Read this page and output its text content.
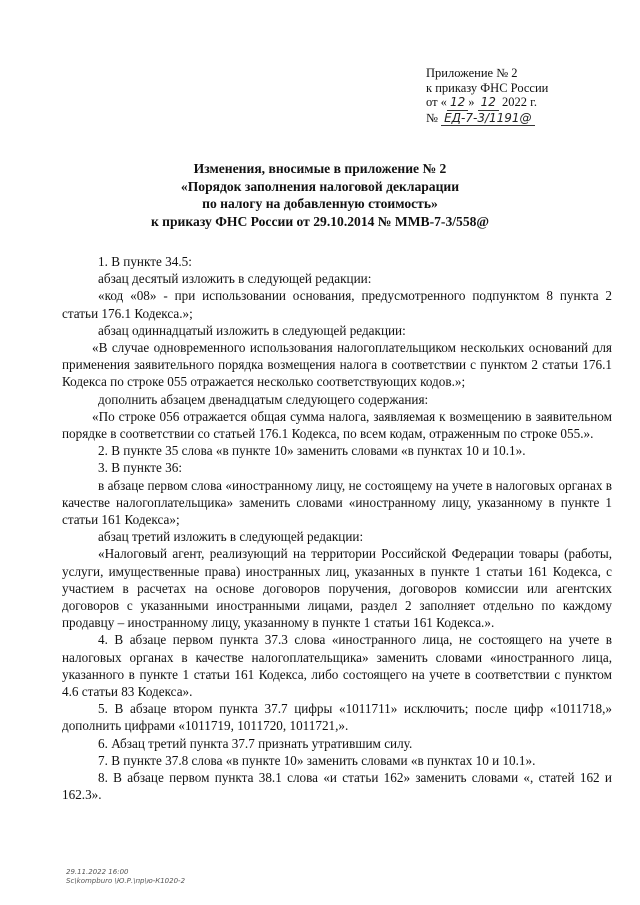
Приложение № 2
к приказу ФНС России
от « 12 » 12 2022 г.
№ ЕД-7-3/1191@
Изменения, вносимые в приложение № 2
«Порядок заполнения налоговой декларации
по налогу на добавленную стоимость»
к приказу ФНС России от 29.10.2014 № ММВ-7-3/558@

1. В пункте 34.5:

абзац десятый изложить в следующей редакции:

«код «08» - при использовании основания, предусмотренного подпунктом 8 пункта 2 статьи 176.1 Кодекса.»;

абзац одиннадцатый изложить в следующей редакции:

«В случае одновременного использования налогоплательщиком нескольких оснований для применения заявительного порядка возмещения налога в соответствии с пунктом 2 статьи 176.1 Кодекса по строке 055 отражается несколько соответствующих кодов.»;

дополнить абзацем двенадцатым следующего содержания:

«По строке 056 отражается общая сумма налога, заявляемая к возмещению в заявительном порядке в соответствии со статьей 176.1 Кодекса, по всем кодам, отраженным по строке 055.».

2. В пункте 35 слова «в пункте 10» заменить словами «в пунктах 10 и 10.1».

3. В пункте 36:

в абзаце первом слова «иностранному лицу, не состоящему на учете в налоговых органах в качестве налогоплательщика» заменить словами «иностранному лицу, указанному в пункте 1 статьи 161 Кодекса»;

абзац третий изложить в следующей редакции:

«Налоговый агент, реализующий на территории Российской Федерации товары (работы, услуги, имущественные права) иностранных лиц, указанных в пункте 1 статьи 161 Кодекса, с участием в расчетах на основе договоров поручения, договоров комиссии или агентских договоров с указанными иностранными лицами, раздел 2 заполняет отдельно по каждому продавцу – иностранному лицу, указанному в пункте 1 статьи 161 Кодекса.».

4. В абзаце первом пункта 37.3 слова «иностранного лица, не состоящего на учете в налоговых органах в качестве налогоплательщика» заменить словами «иностранного лица, указанного в пункте 1 статьи 161 Кодекса, либо состоящего на учете в соответствии с пунктом 4.6 статьи 83 Кодекса».

5. В абзаце втором пункта 37.7 цифры «1011711» исключить; после цифр «1011718,» дополнить цифрами «1011719, 1011720, 1011721,».

6. Абзац третий пункта 37.7 признать утратившим силу.

7. В пункте 37.8 слова «в пункте 10» заменить словами «в пунктах 10 и 10.1».

8. В абзаце первом пункта 38.1 слова «и статьи 162» заменить словами «, статей 162 и 162.3».

29.11.2022 16:00
Sc\kompburo \Ю.Р.\пр\ю-К1020-2
